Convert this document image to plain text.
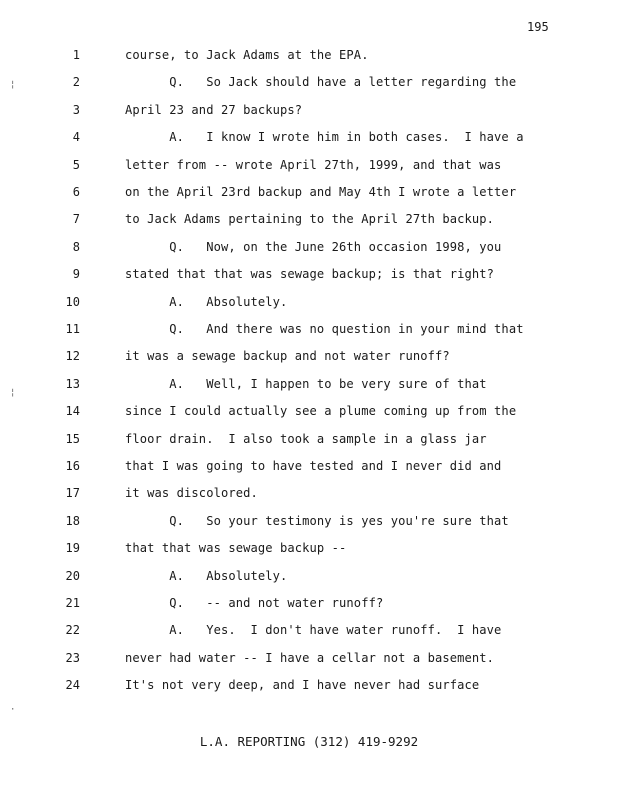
195
1	course, to Jack Adams at the EPA.
2	Q.   So Jack should have a letter regarding the
3	April 23 and 27 backups?
4	A.   I know I wrote him in both cases.  I have a
5	letter from -- wrote April 27th, 1999, and that was
6	on the April 23rd backup and May 4th I wrote a letter
7	to Jack Adams pertaining to the April 27th backup.
8	Q.   Now, on the June 26th occasion 1998, you
9	stated that that was sewage backup; is that right?
10	A.   Absolutely.
11	Q.   And there was no question in your mind that
12	it was a sewage backup and not water runoff?
13	A.   Well, I happen to be very sure of that
14	since I could actually see a plume coming up from the
15	floor drain.  I also took a sample in a glass jar
16	that I was going to have tested and I never did and
17	it was discolored.
18	Q.   So your testimony is yes you're sure that
19	that that was sewage backup --
20	A.   Absolutely.
21	Q.   -- and not water runoff?
22	A.   Yes.  I don't have water runoff.  I have
23	never had water -- I have a cellar not a basement.
24	It's not very deep, and I have never had surface
¦
¦
·
L.A. REPORTING (312) 419-9292
